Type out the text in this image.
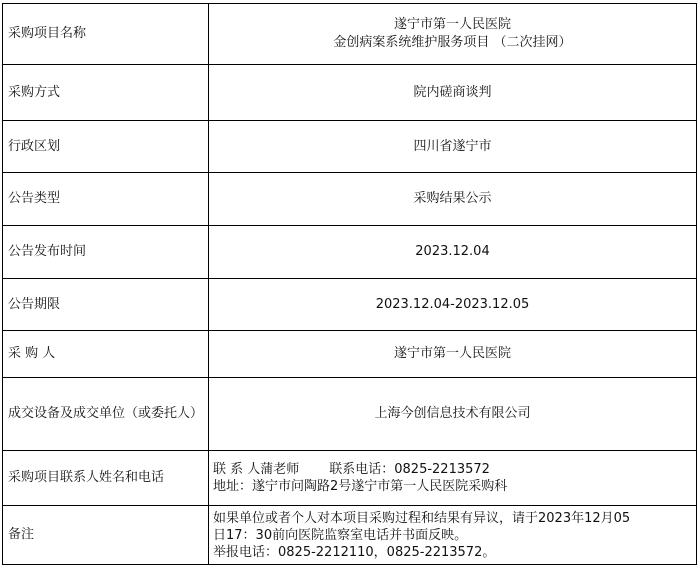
采购项目名称	遂宁市第一人民医院
金创病案系统维护服务项目 （二次挂网）

采购方式	院内磋商谈判
行政区划	四川省遂宁市
公告类型	采购结果公示
公告发布时间	2023.12.04
公告期限	2023.12.04-2023.12.05
采 购 人	遂宁市第一人民医院

成交设备及成交单位（或委托人）	上海今创信息技术有限公司
采购项目联系人姓名和电话	联 系 人蒲老师 联系电话：0825-2213572
地址：遂宁市问陶路2号遂宁市第一人民医院采购科

备注	如果单位或者个人对本项目采购过程和结果有异议，请于2023年12月05
日17：30前向医院监察室电话并书面反映。
举报电话：0825-2212110，0825-2213572。
